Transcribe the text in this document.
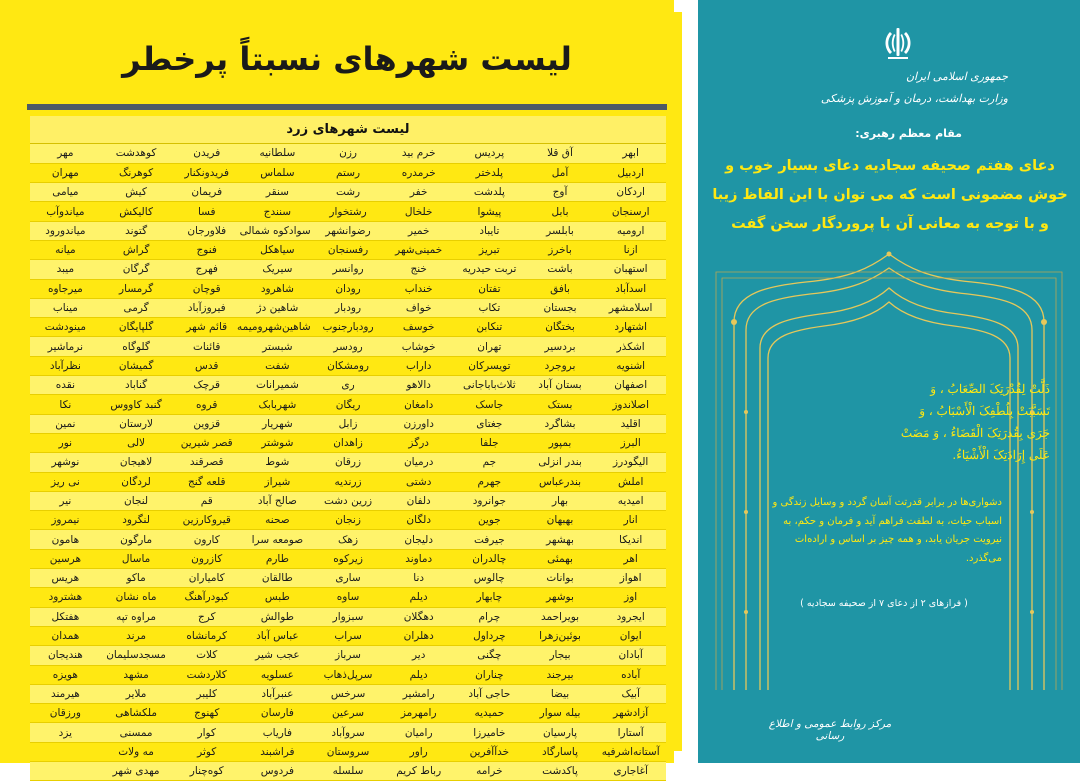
لیست شهرهای نسبتاً پرخطر
لیست شهرهای زرد
ابهر	آق قلا	پردیس	خرم بید	رزن	سلطانیه	فریدن	کوهدشت	مهر
اردبیل	آمل	پلدختر	خرمدره	رستم	سلماس	فریدونکنار	کوهرنگ	مهران
اردکان	آوج	پلدشت	خفر	رشت	سنقر	فریمان	کیش	میامی
ارسنجان	بابل	پیشوا	خلخال	رشتخوار	سنندج	فسا	کالیکش	میاندوآب
ارومیه	بابلسر	تایباد	خمیر	رضوانشهر	سوادکوه شمالی	فلاورجان	گتوند	میاندورود
ازنا	باخرز	تبریز	خمینی‌شهر	رفسنجان	سیاهکل	فنوج	گراش	میانه
استهبان	باشت	تربت حیدریه	خنج	روانسر	سیریک	فهرج	گرگان	میبد
اسدآباد	بافق	تفتان	خنداب	رودان	شاهرود	قوچان	گرمسار	میرجاوه
اسلامشهر	بجستان	تکاب	خواف	رودبار	شاهین دژ	فیروزآباد	گرمی	میناب
اشتهارد	بختگان	تنکابن	خوسف	رودبارجنوب	شاهین‌شهرومیمه	قائم شهر	گلپایگان	مینودشت
اشکذر	بردسیر	تهران	خوشاب	رودسر	شبستر	قائنات	گلوگاه	نرماشیر
اشنویه	بروجرد	تویسرکان	داراب	رومشکان	شفت	قدس	گمیشان	نظرآباد
اصفهان	بستان آباد	ثلاث‌باباجانی	دالاهو	ری	شمیرانات	قرچک	گناباد	نقده
اصلاندوز	بستک	جاسک	دامغان	ریگان	شهربابک	قروه	گنبد کاووس	نکا
اقلید	بشاگرد	جغتای	داورزن	زابل	شهریار	قزوین	لارستان	نمین
البرز	بمپور	جلفا	درگز	زاهدان	شوشتر	قصر شیرین	لالی	نور
الیگودرز	بندر انزلی	جم	درمیان	زرقان	شوط	قصرقند	لاهیجان	نوشهر
املش	بندرعباس	جهرم	دشتی	زرندیه	شیراز	قلعه گنج	لردگان	نی ریز
امیدیه	بهار	جوانرود	دلفان	زرین دشت	صالح آباد	قم	لنجان	نیر
انار	بهبهان	جوین	دلگان	زنجان	صحنه	قیروکارزین	لنگرود	نیمروز
اندیکا	بهشهر	جیرفت	دلیجان	زهک	صومعه سرا	کارون	مارگون	هامون
اهر	بهمئی	چالدران	دماوند	زیرکوه	طارم	کازرون	ماسال	هرسین
اهواز	بوانات	چالوس	دنا	ساری	طالقان	کامیاران	ماکو	هریس
اوز	بوشهر	چابهار	دیلم	ساوه	طبس	کبودرآهنگ	ماه نشان	هشترود
ایجرود	بویراحمد	چرام	دهگلان	سبزوار	طوالش	کرج	مراوه تپه	هفتکل
ایوان	بوئین‌زهرا	چرداول	دهلران	سراب	عباس آباد	کرمانشاه	مرند	همدان
آبادان	بیجار	چگنی	دیر	سرباز	عجب شیر	کلات	مسجدسلیمان	هندیجان
آباده	بیرجند	چناران	دیلم	سرپل‌ذهاب	عسلویه	کلاردشت	مشهد	هویزه
آبیک	بیضا	حاجی آباد	رامشیر	سرخس	عنبرآباد	کلیبر	ملایر	هیرمند
آزادشهر	بیله سوار	حمیدیه	رامهرمز	سرعین	فارسان	کهنوج	ملکشاهی	ورزقان
آستارا	پارسیان	خامیرزا	رامیان	سروآباد	فاریاب	کوار	ممسنی	یزد
آستانه‌اشرفیه	پاسارگاد	خدآآفرین	راور	سروستان	فراشبند	کوثر	مه ولات	
آغاجاری	پاکدشت	خرامه	رباط کریم	سلسله	فردوس	کوه‌چنار	مهدی شهر	
جمهوری اسلامی ایران
وزارت بهداشت، درمان و آموزش پزشکی
مقام معظم رهبری:
دعای هفتم صحیفه سجادیه دعای بسیار خوب و خوش مضمونی است که می توان با این الفاظ زیبا و با توجه به معانی آن با پروردگار سخن گفت
ذَلَّتْ لِقُدْرَتِکَ الصِّعَابُ ، وَ
تَسَبَّبَتْ بِلُطْفِکَ الْأَسْبَابُ ، وَ
جَرَى بِقُدرَتِکَ الْقَضَاءُ ، وَ مَضَتْ
عَلَى إِرَادَتِکَ الْأَشْيَاءُ.
دشواری‌ها در برابر قدرتت آسان گردد و وسایل زندگی و اسباب حیات، به لطفت فراهم آید و فرمان و حکم، به نیرویت جریان یابد، و همه چیز بر اساس و اراده‌ات می‌گذرد.
( فرازهای ۲ از دعای ۷ از صحیفه سجادیه )
مرکز روابط عمومی و اطلاع رسانی
